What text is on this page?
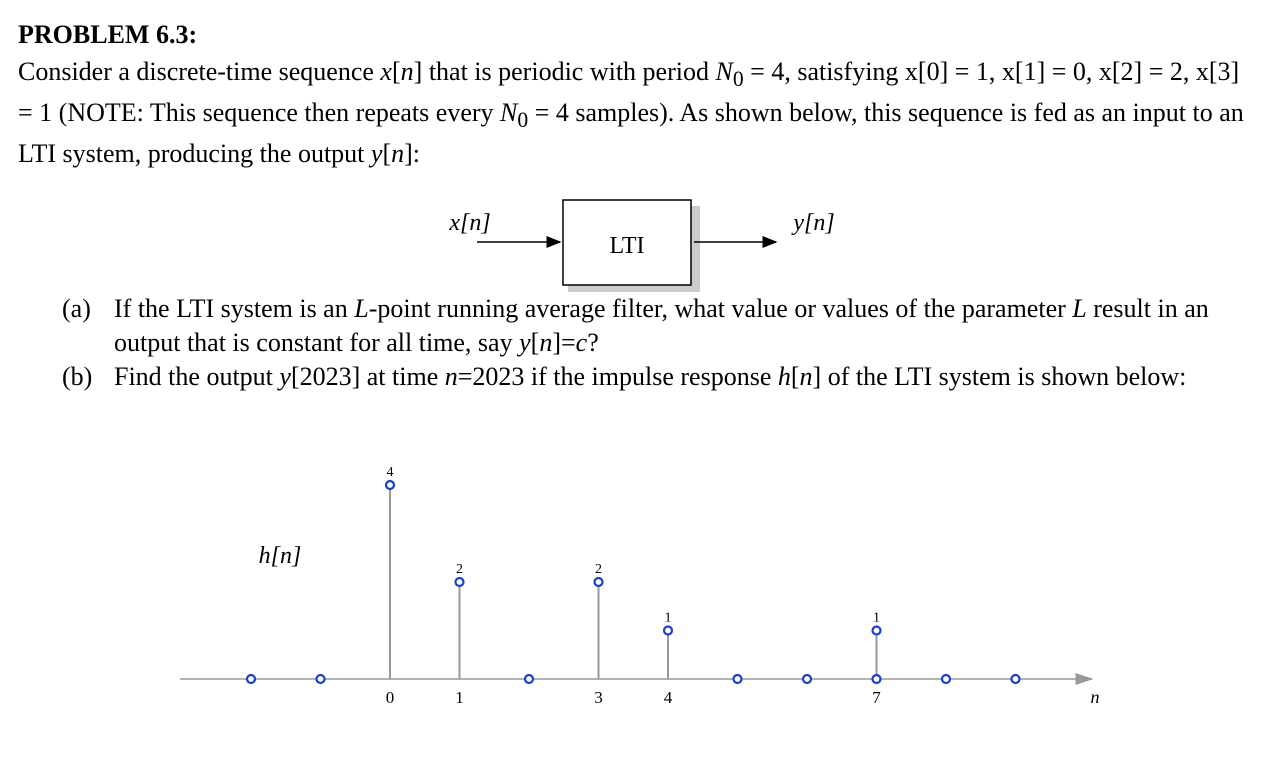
PROBLEM 6.3:
Consider a discrete-time sequence x[n] that is periodic with period $N_0 = 4$, satisfying x[0] = 1, x[1] = 0, x[2] = 2, x[3] = 1 (NOTE: This sequence then repeats every $N_0 = 4$ samples). As shown below, this sequence is fed as an input to an LTI system, producing the output y[n]:
LTI
x[n]	y[n]
(a) If the LTI system is an L-point running average filter, what value or values of the parameter L result in an output that is constant for all time, say y[n]=c?
(b) Find the output y[2023] at time n=2023 if the impulse response h[n] of the LTI system is shown below:
h[n]
n
4
2	2
1	1
0	1	3	4	7
